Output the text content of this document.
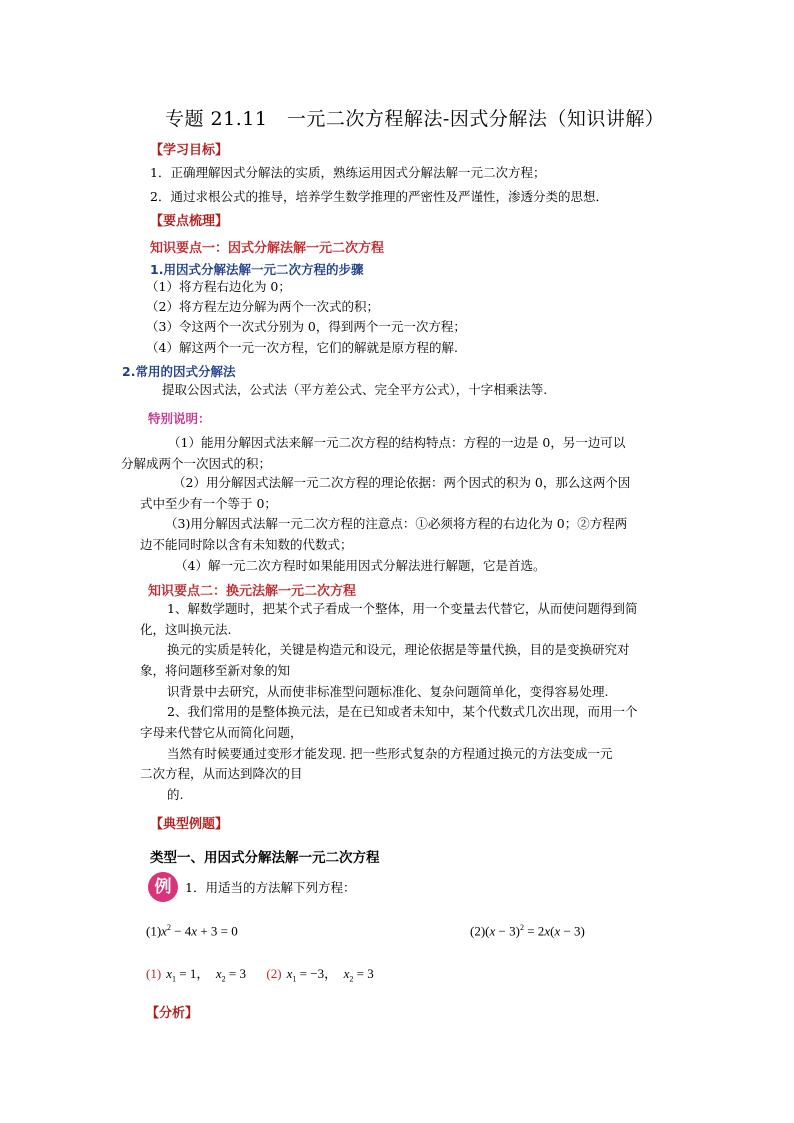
专题 21.11　一元二次方程解法-因式分解法（知识讲解）
【学习目标】
1．正确理解因式分解法的实质，熟练运用因式分解法解一元二次方程；
2．通过求根公式的推导，培养学生数学推理的严密性及严谨性，渗透分类的思想．
【要点梳理】
知识要点一：因式分解法解一元二次方程
1.用因式分解法解一元二次方程的步骤
（1）将方程右边化为 0；
（2）将方程左边分解为两个一次式的积；
（3）令这两个一次式分别为 0，得到两个一元一次方程；
（4）解这两个一元一次方程，它们的解就是原方程的解.
2.常用的因式分解法
提取公因式法，公式法（平方差公式、完全平方公式），十字相乘法等.
特别说明：
（1）能用分解因式法来解一元二次方程的结构特点：方程的一边是 0，另一边可以
分解成两个一次因式的积；
（2）用分解因式法解一元二次方程的理论依据：两个因式的积为 0，那么这两个因
式中至少有一个等于 0；
（3)用分解因式法解一元二次方程的注意点：①必须将方程的右边化为 0；②方程两
边不能同时除以含有未知数的代数式；
（4）解一元二次方程时如果能用因式分解法进行解题，它是首选。
知识要点二：换元法解一元二次方程
1、解数学题时，把某个式子看成一个整体，用一个变量去代替它，从而使问题得到简
化，这叫换元法.
换元的实质是转化，关键是构造元和设元，理论依据是等量代换，目的是变换研究对
象，将问题移至新对象的知
识背景中去研究，从而使非标准型问题标准化、复杂问题简单化，变得容易处理.
2、我们常用的是整体换元法，是在已知或者未知中，某个代数式几次出现，而用一个
字母来代替它从而简化问题，
当然有时候要通过变形才能发现. 把一些形式复杂的方程通过换元的方法变成一元
二次方程，从而达到降次的目
的.
【典型例题】
类型一、用因式分解法解一元二次方程
例	1．用适当的方法解下列方程：
$(1)x^2 - 4x + 3 = 0$	$(2)(x - 3)^2 = 2x(x - 3)$
(1) $x_1 = 1$，  $x_2 = 3$ (2) $x_1 = -3$，  $x_2 = 3$
【分析】
